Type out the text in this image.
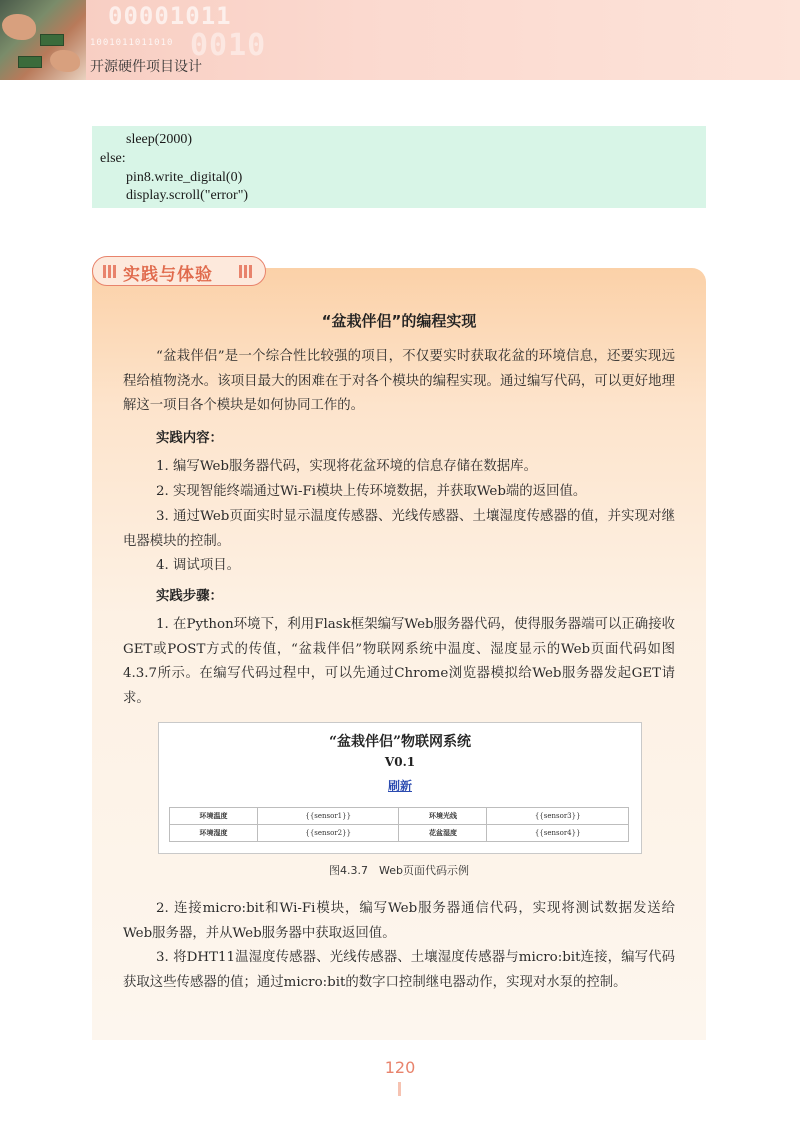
00001011
1001011011010 0010
开源硬件项目设计
sleep(2000)
else:
pin8.write_digital(0)
display.scroll("error")
实践与体验
“盆栽伴侣”的编程实现
“盆栽伴侣”是一个综合性比较强的项目，不仅要实时获取花盆的环境信息，还要实现远程给植物浇水。该项目最大的困难在于对各个模块的编程实现。通过编写代码，可以更好地理解这一项目各个模块是如何协同工作的。
实践内容：
1. 编写Web服务器代码，实现将花盆环境的信息存储在数据库。
2. 实现智能终端通过Wi-Fi模块上传环境数据，并获取Web端的返回值。
3. 通过Web页面实时显示温度传感器、光线传感器、土壤湿度传感器的值，并实现对继电器模块的控制。
4. 调试项目。
实践步骤：
1. 在Python环境下，利用Flask框架编写Web服务器代码，使得服务器端可以正确接收GET或POST方式的传值，“盆栽伴侣”物联网系统中温度、湿度显示的Web页面代码如图4.3.7所示。在编写代码过程中，可以先通过Chrome浏览器模拟给Web服务器发起GET请求。
“盆栽伴侣”物联网系统
V0.1
刷新
环境温度	{{sensor1}}	环境光线	{{sensor3}}
环境湿度	{{sensor2}}	花盆湿度	{{sensor4}}
图4.3.7　Web页面代码示例
2. 连接micro:bit和Wi-Fi模块，编写Web服务器通信代码，实现将测试数据发送给Web服务器，并从Web服务器中获取返回值。
3. 将DHT11温湿度传感器、光线传感器、土壤湿度传感器与micro:bit连接，编写代码获取这些传感器的值；通过micro:bit的数字口控制继电器动作，实现对水泵的控制。
120
